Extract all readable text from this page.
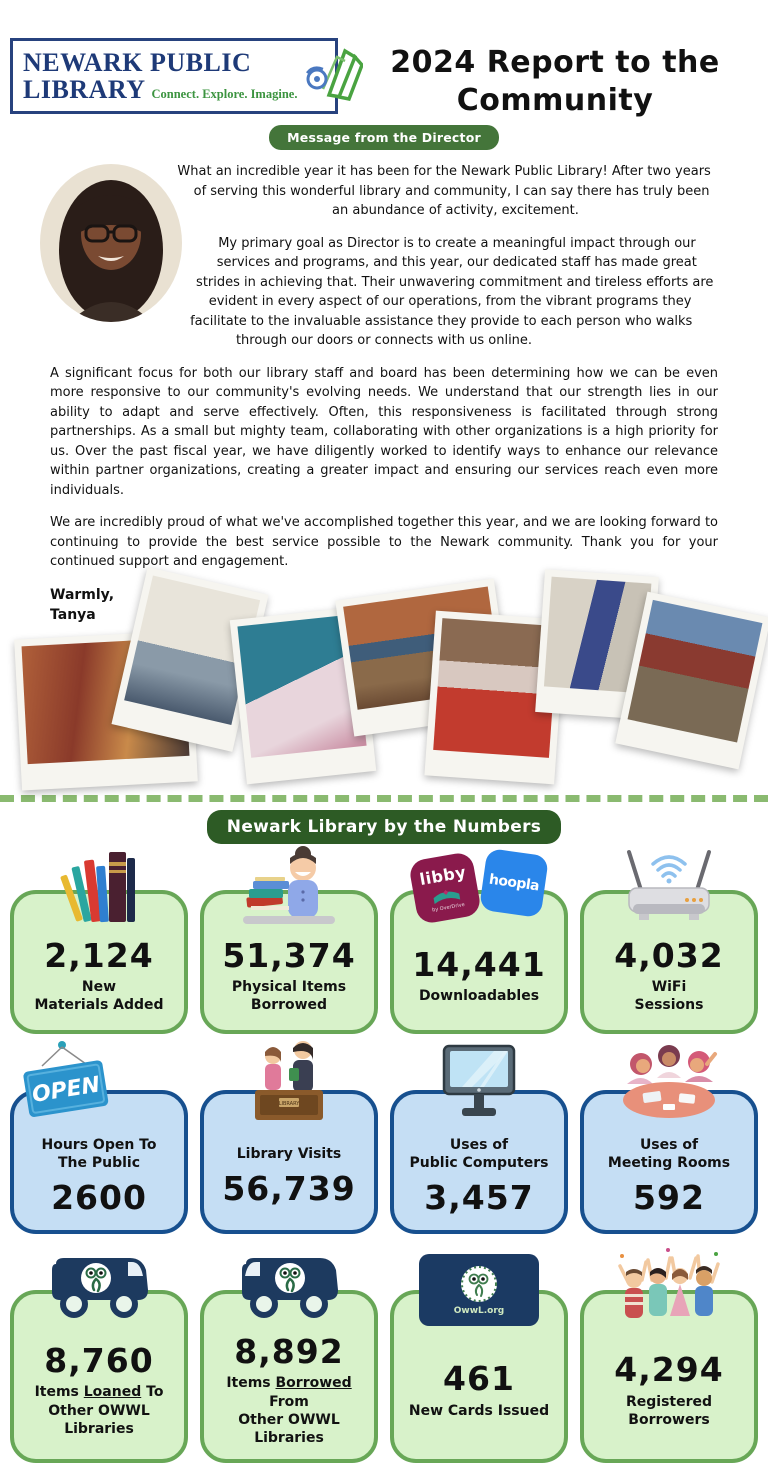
NEWARK PUBLIC
LIBRARY Connect. Explore. Imagine.
2024 Report to the Community
Message from the Director

What an incredible year it has been for the Newark Public Library! After two years of serving this wonderful library and community, I can say there has truly been an abundance of activity, excitement.

My primary goal as Director is to create a meaningful impact through our services and programs, and this year, our dedicated staff has made great strides in achieving that. Their unwavering commitment and tireless efforts are evident in every aspect of our operations, from the vibrant programs they facilitate to the invaluable assistance they provide to each person who walks through our doors or connects with us online.

A significant focus for both our library staff and board has been determining how we can be even more responsive to our community's evolving needs. We understand that our strength lies in our ability to adapt and serve effectively. Often, this responsiveness is facilitated through strong partnerships. As a small but mighty team, collaborating with other organizations is a high priority for us. Over the past fiscal year, we have diligently worked to identify ways to enhance our relevance within partner organizations, creating a greater impact and ensuring our services reach even more individuals.

We are incredibly proud of what we've accomplished together this year, and we are looking forward to continuing to provide the best service possible to the Newark community. Thank you for your continued support and engagement.

Warmly,
Tanya
Newark Library by the Numbers
2,124
New
Materials Added
51,374
Physical Items
Borrowed
libby
by OverDrive
hoopla
14,441
Downloadables
4,032
WiFi
Sessions
OPEN
Hours Open To
The Public
2600
LIBRARY
Library Visits
56,739
Uses of
Public Computers
3,457
Uses of
Meeting Rooms
592
8,760
Items Loaned To
Other OWWL Libraries
8,892
Items Borrowed From
Other OWWL Libraries
OwwL.org
461
New Cards Issued
4,294
Registered
Borrowers
